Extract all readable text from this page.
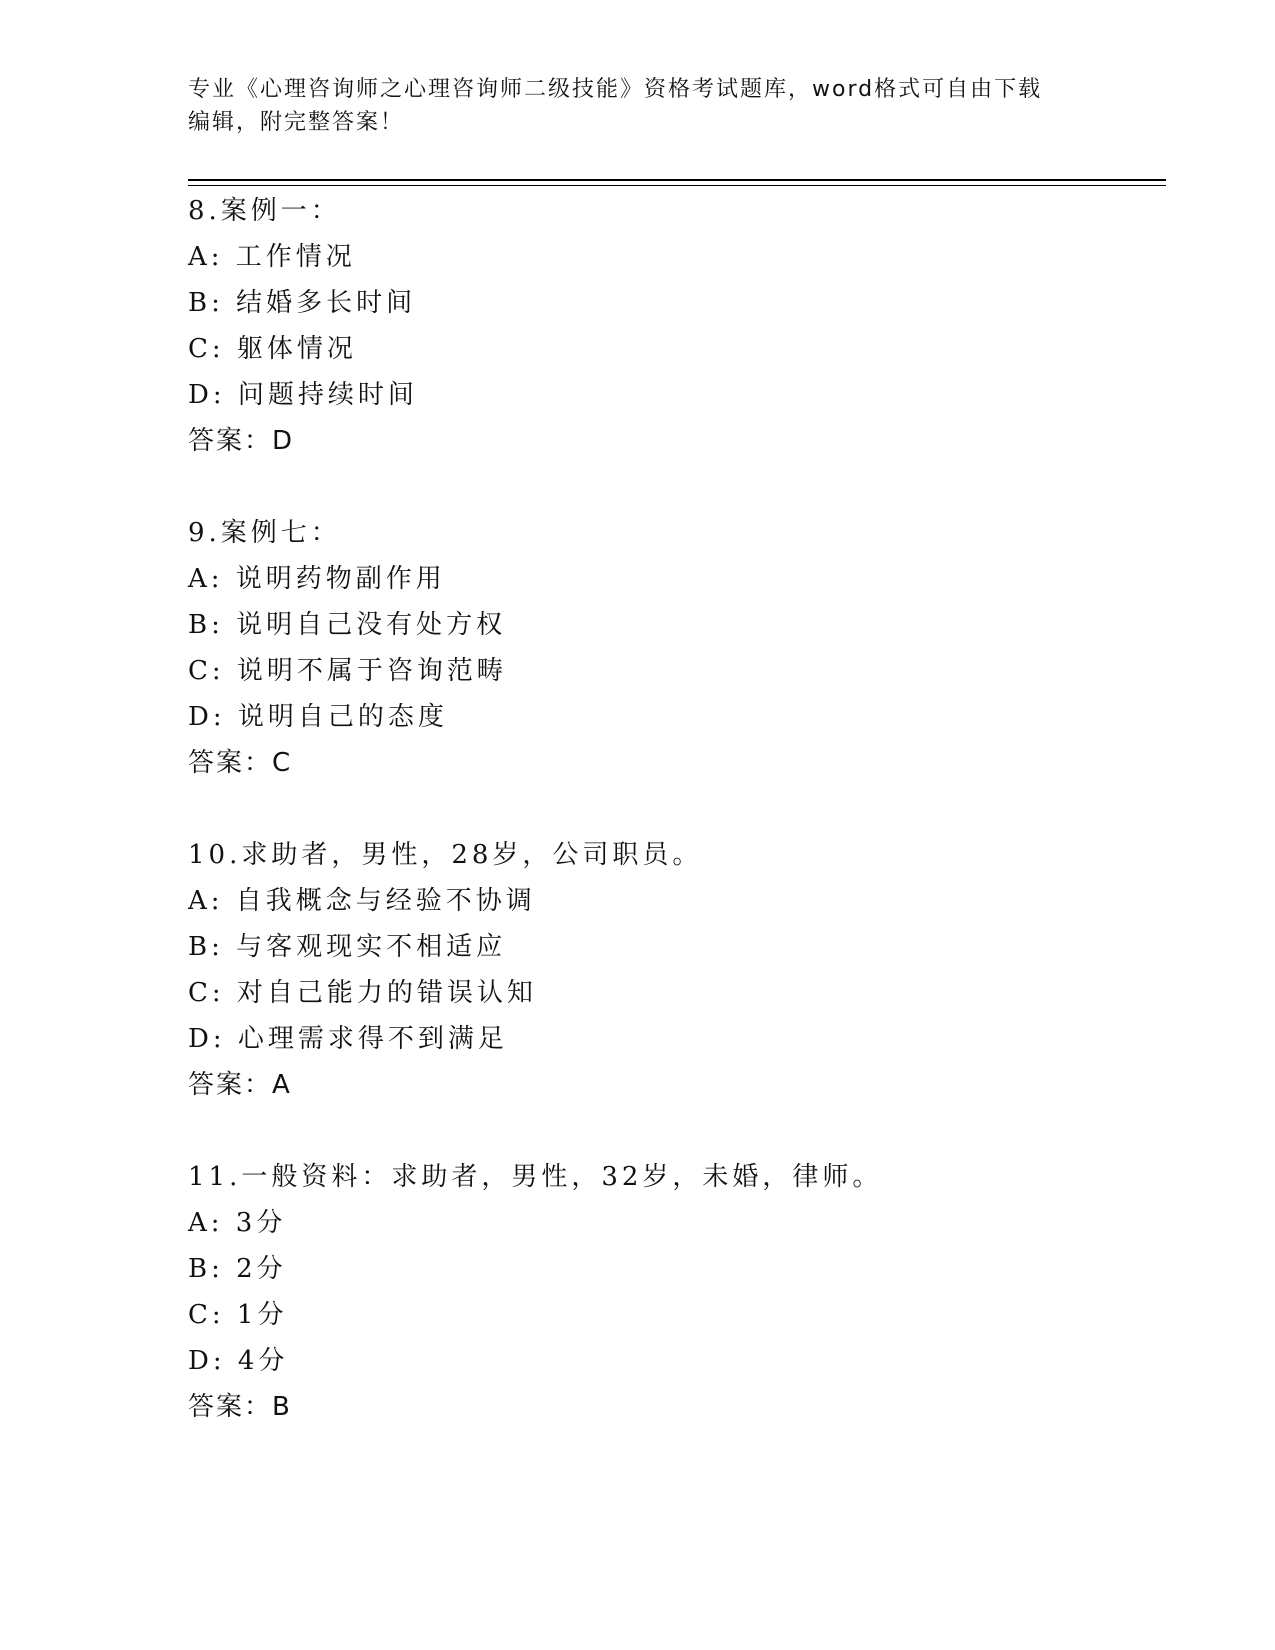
专业《心理咨询师之心理咨询师二级技能》资格考试题库，word格式可自由下载
编辑，附完整答案！
8.案例一：
A: 工作情况
B: 结婚多长时间
C: 躯体情况
D: 问题持续时间
答案：D
9.案例七：
A: 说明药物副作用
B: 说明自己没有处方权
C: 说明不属于咨询范畴
D: 说明自己的态度
答案：C
10.求助者，男性，28岁，公司职员。
A: 自我概念与经验不协调
B: 与客观现实不相适应
C: 对自己能力的错误认知
D: 心理需求得不到满足
答案：A
11.一般资料：求助者，男性，32岁，未婚，律师。
A: 3分
B: 2分
C: 1分
D: 4分
答案：B
